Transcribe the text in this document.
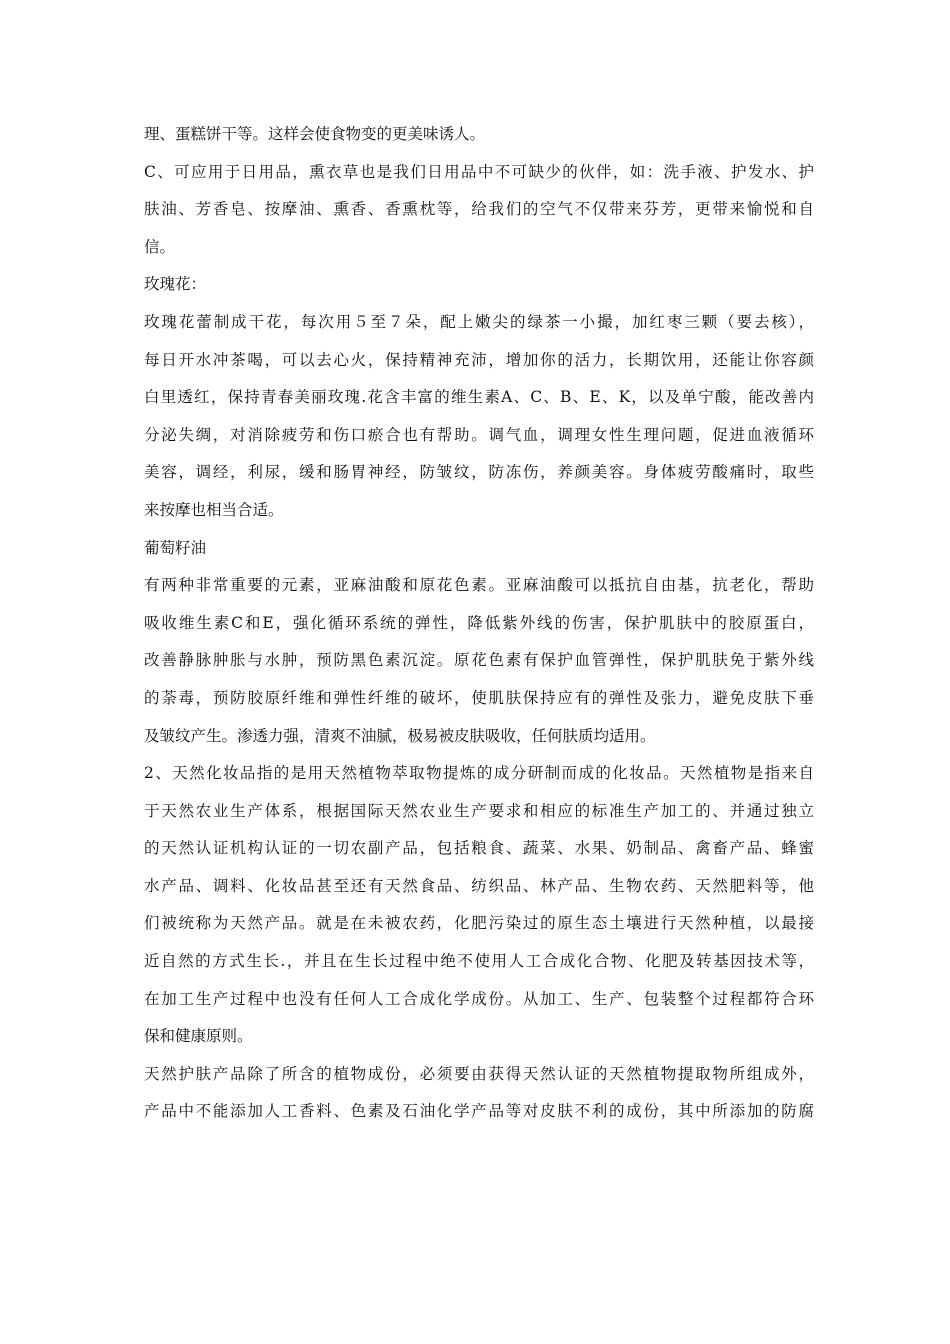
理、蛋糕饼干等。这样会使食物变的更美味诱人。
C、可应用于日用品，熏衣草也是我们日用品中不可缺少的伙伴，如：洗手液、护发水、护
肤油、芳香皂、按摩油、熏香、香熏枕等，给我们的空气不仅带来芬芳，更带来愉悦和自
信。
玫瑰花：
玫瑰花蕾制成干花，每次用５至７朵，配上嫩尖的绿茶一小撮，加红枣三颗（要去核），
每日开水冲茶喝，可以去心火，保持精神充沛，增加你的活力，长期饮用，还能让你容颜
白里透红，保持青春美丽玫瑰.花含丰富的维生素A、C、B、E、K，以及单宁酸，能改善内
分泌失绸，对消除疲劳和伤口瘀合也有帮助。调气血，调理女性生理问题，促进血液循环
美容，调经，利尿，缓和肠胃神经，防皱纹，防冻伤，养颜美容。身体疲劳酸痛时，取些
来按摩也相当合适。
葡萄籽油
有两种非常重要的元素，亚麻油酸和原花色素。亚麻油酸可以抵抗自由基，抗老化，帮助
吸收维生素C和E，强化循环系统的弹性，降低紫外线的伤害，保护肌肤中的胶原蛋白，
改善静脉肿胀与水肿，预防黑色素沉淀。原花色素有保护血管弹性，保护肌肤免于紫外线
的荼毒，预防胶原纤维和弹性纤维的破坏，使肌肤保持应有的弹性及张力，避免皮肤下垂
及皱纹产生。渗透力强，清爽不油腻，极易被皮肤吸收，任何肤质均适用。
2、天然化妆品指的是用天然植物萃取物提炼的成分研制而成的化妆品。天然植物是指来自
于天然农业生产体系，根据国际天然农业生产要求和相应的标准生产加工的、并通过独立
的天然认证机构认证的一切农副产品，包括粮食、蔬菜、水果、奶制品、禽畜产品、蜂蜜
水产品、调料、化妆品甚至还有天然食品、纺织品、林产品、生物农药、天然肥料等，他
们被统称为天然产品。就是在未被农药，化肥污染过的原生态土壤进行天然种植，以最接
近自然的方式生长.，并且在生长过程中绝不使用人工合成化合物、化肥及转基因技术等，
在加工生产过程中也没有任何人工合成化学成份。从加工、生产、包装整个过程都符合环
保和健康原则。
天然护肤产品除了所含的植物成份，必须要由获得天然认证的天然植物提取物所组成外，
产品中不能添加人工香料、色素及石油化学产品等对皮肤不利的成份，其中所添加的防腐
